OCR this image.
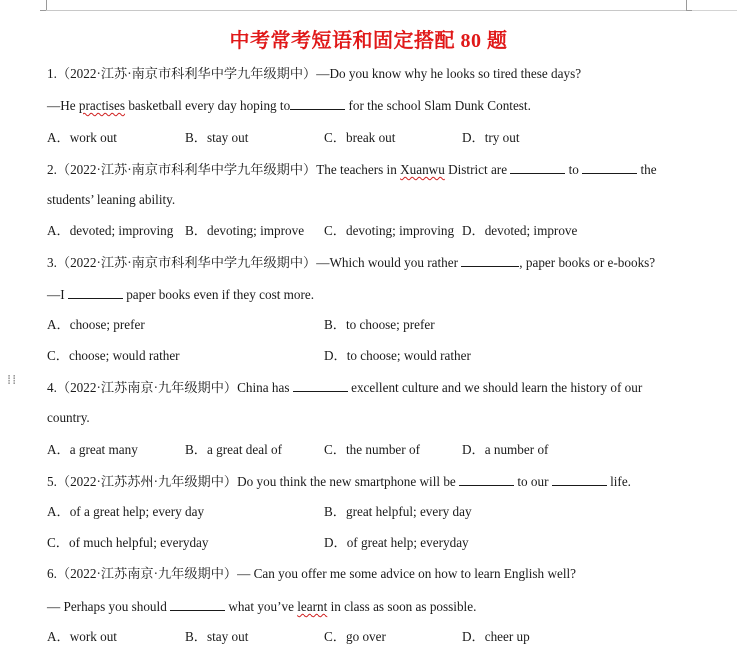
⁞⁞
中考常考短语和固定搭配 80 题
1.（2022·江苏·南京市科利华中学九年级期中）—Do you know why he looks so tired these days?
—He practises basketball every day hoping to	for the school Slam Dunk Contest.
A．work out	B．stay out	C．break out	D．try out
2.（2022·江苏·南京市科利华中学九年级期中）The teachers in Xuanwu District are	to	the
students’ leaning ability.
A．devoted; improving B．devoting; improve C．devoting; improving D．devoted; improve
3.（2022·江苏·南京市科利华中学九年级期中）—Which would you rather	, paper books or e-books?
—I	paper books even if they cost more.
A．choose; prefer	B．to choose; prefer
C．choose; would rather	D．to choose; would rather
4.（2022·江苏南京·九年级期中）China has	excellent culture and we should learn the history of our
country.
A．a great many	B．a great deal of	C．the number of	D．a number of
5.（2022·江苏苏州·九年级期中）Do you think the new smartphone will be	to our	life.
A．of a great help; every day	B．great helpful; every day
C．of much helpful; everyday	D．of great help; everyday
6.（2022·江苏南京·九年级期中）— Can you offer me some advice on how to learn English well?
— Perhaps you should	what you’ve learnt in class as soon as possible.
A．work out	B．stay out	C．go over	D．cheer up
